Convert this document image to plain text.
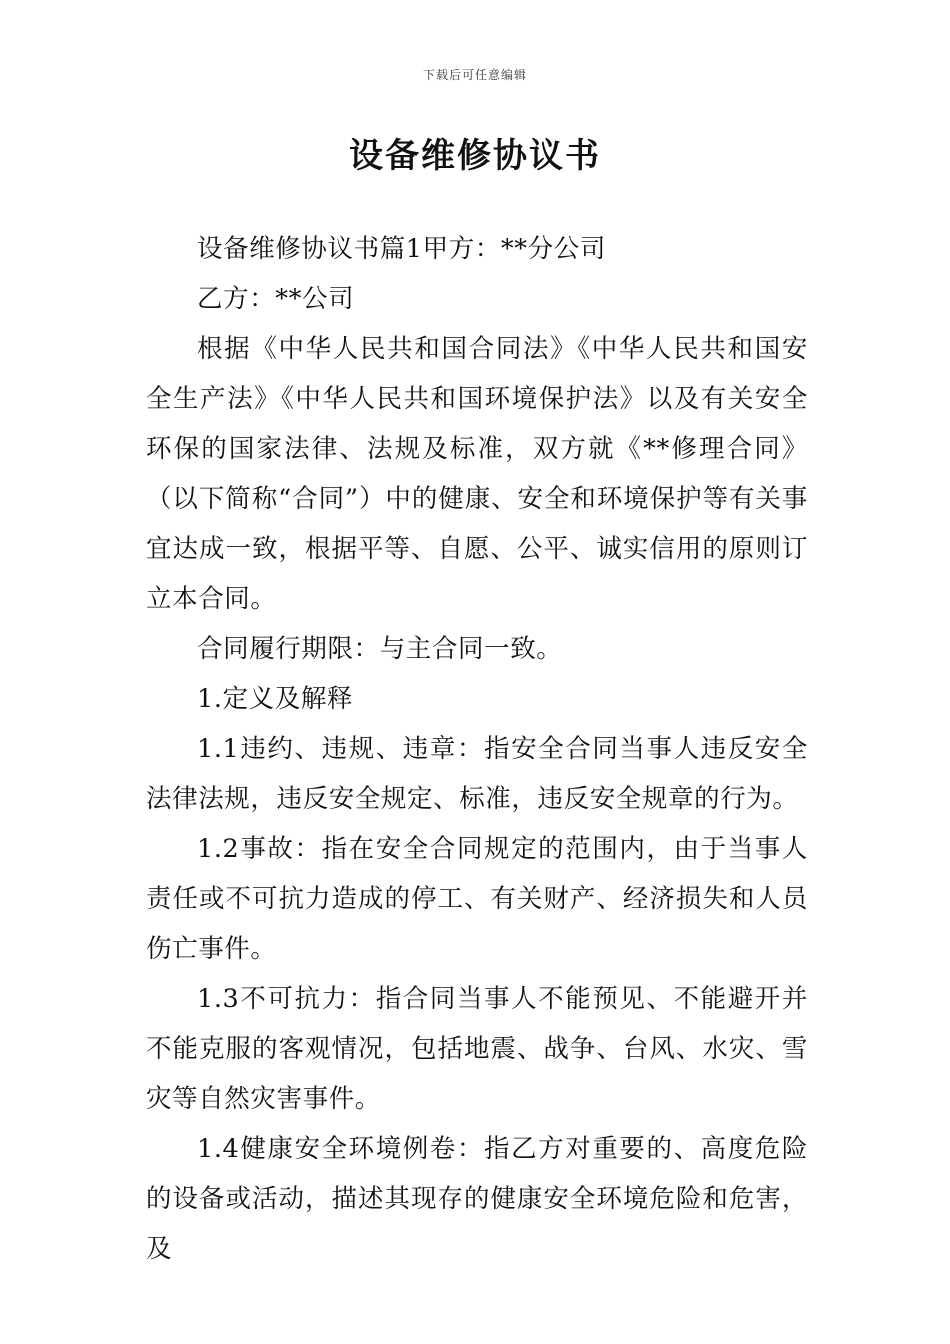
下载后可任意编辑
设备维修协议书

设备维修协议书篇1甲方：**分公司

乙方：**公司

根据《中华人民共和国合同法》《中华人民共和国安全生产法》《中华人民共和国环境保护法》以及有关安全环保的国家法律、法规及标准，双方就《**修理合同》（以下简称“合同”）中的健康、安全和环境保护等有关事宜达成一致，根据平等、自愿、公平、诚实信用的原则订立本合同。

合同履行期限：与主合同一致。

1.定义及解释

1.1违约、违规、违章：指安全合同当事人违反安全法律法规，违反安全规定、标准，违反安全规章的行为。

1.2事故：指在安全合同规定的范围内，由于当事人责任或不可抗力造成的停工、有关财产、经济损失和人员伤亡事件。

1.3不可抗力：指合同当事人不能预见、不能避开并不能克服的客观情况，包括地震、战争、台风、水灾、雪灾等自然灾害事件。

1.4健康安全环境例卷：指乙方对重要的、高度危险的设备或活动，描述其现存的健康安全环境危险和危害，及
